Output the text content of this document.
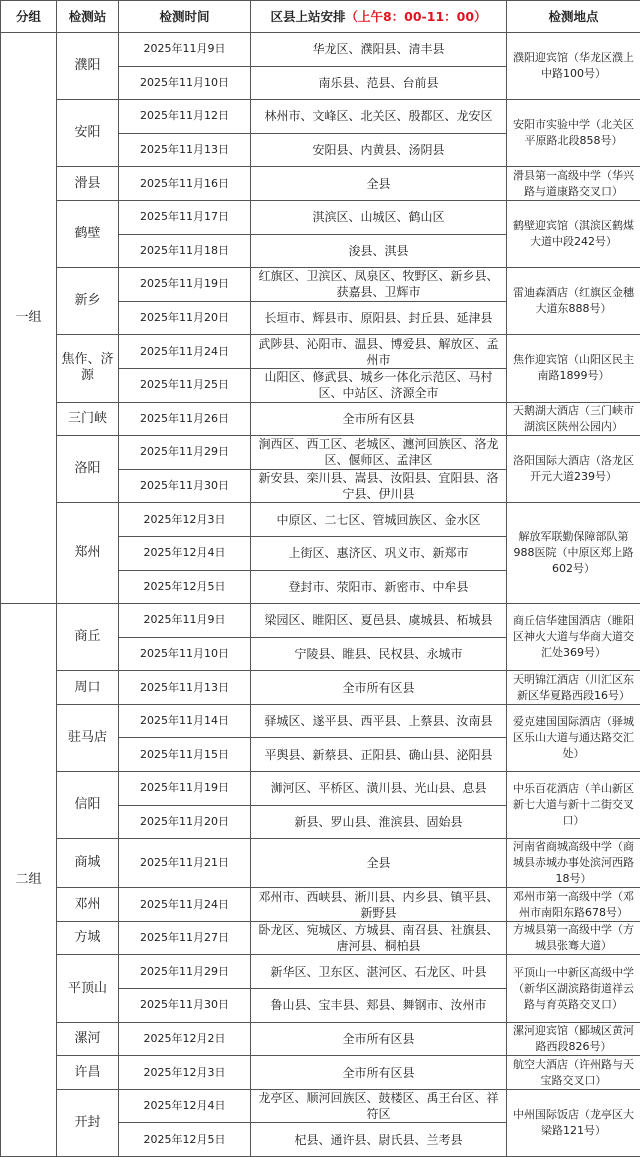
分组	检测站	检测时间	区县上站安排（上午8：00-11：00）	检测地点
一组	濮阳	2025年11月9日	华龙区、濮阳县、清丰县	濮阳迎宾馆（华龙区濮上中路100号）
		2025年11月10日	南乐县、范县、台前县	
	安阳	2025年11月12日	林州市、文峰区、北关区、殷都区、龙安区	安阳市实验中学（北关区平原路北段858号）
		2025年11月13日	安阳县、内黄县、汤阴县	
	滑县	2025年11月16日	全县	滑县第一高级中学（华兴路与道康路交叉口）
	鹤壁	2025年11月17日	淇滨区、山城区、鹤山区	鹤壁迎宾馆（淇滨区鹤煤大道中段242号）
		2025年11月18日	浚县、淇县	
	新乡	2025年11月19日	红旗区、卫滨区、凤泉区、牧野区、新乡县、获嘉县、卫辉市	雷迪森酒店（红旗区金穗大道东888号）
		2025年11月20日	长垣市、辉县市、原阳县、封丘县、延津县	
	焦作、济源	2025年11月24日	武陟县、沁阳市、温县、博爱县、解放区、孟州市	焦作迎宾馆（山阳区民主南路1899号）
		2025年11月25日	山阳区、修武县、城乡一体化示范区、马村区、中站区、济源全市	
	三门峡	2025年11月26日	全市所有区县	天鹅湖大酒店（三门峡市湖滨区陕州公园内）
	洛阳	2025年11月29日	涧西区、西工区、老城区、瀍河回族区、洛龙区、偃师区、孟津区	洛阳国际大酒店（洛龙区开元大道239号）
		2025年11月30日	新安县、栾川县、嵩县、汝阳县、宜阳县、洛宁县、伊川县	
	郑州	2025年12月3日	中原区、二七区、管城回族区、金水区	解放军联勤保障部队第988医院（中原区郑上路602号）
		2025年12月4日	上街区、惠济区、巩义市、新郑市	
		2025年12月5日	登封市、荥阳市、新密市、中牟县	
二组	商丘	2025年11月9日	梁园区、睢阳区、夏邑县、虞城县、柘城县	商丘信华建国酒店（睢阳区神火大道与华商大道交汇处369号）
		2025年11月10日	宁陵县、睢县、民权县、永城市	
	周口	2025年11月13日	全市所有区县	天明锦江酒店（川汇区东新区华夏路西段16号）
	驻马店	2025年11月14日	驿城区、遂平县、西平县、上蔡县、汝南县	爱克建国国际酒店（驿城区乐山大道与通达路交汇处）
		2025年11月15日	平舆县、新蔡县、正阳县、确山县、泌阳县	
	信阳	2025年11月19日	浉河区、平桥区、潢川县、光山县、息县	中乐百花酒店（羊山新区新七大道与新十二街交叉口）
		2025年11月20日	新县、罗山县、淮滨县、固始县	
	商城	2025年11月21日	全县	河南省商城高级中学（商城县赤城办事处滨河西路18号）
	邓州	2025年11月24日	邓州市、西峡县、淅川县、内乡县、镇平县、新野县	邓州市第一高级中学（邓州市南阳东路678号）
	方城	2025年11月27日	卧龙区、宛城区、方城县、南召县、社旗县、唐河县、桐柏县	方城县第一高级中学（方城县张骞大道）
	平顶山	2025年11月29日	新华区、卫东区、湛河区、石龙区、叶县	平顶山一中新区高级中学（新华区湖滨路街道祥云路与育英路交叉口）
		2025年11月30日	鲁山县、宝丰县、郏县、舞钢市、汝州市	
	漯河	2025年12月2日	全市所有区县	漯河迎宾馆（郾城区黄河路西段826号）
	许昌	2025年12月3日	全市所有区县	航空大酒店（许州路与天宝路交叉口）
	开封	2025年12月4日	龙亭区、顺河回族区、鼓楼区、禹王台区、祥符区	中州国际饭店（龙亭区大梁路121号）
		2025年12月5日	杞县、通许县、尉氏县、兰考县	
